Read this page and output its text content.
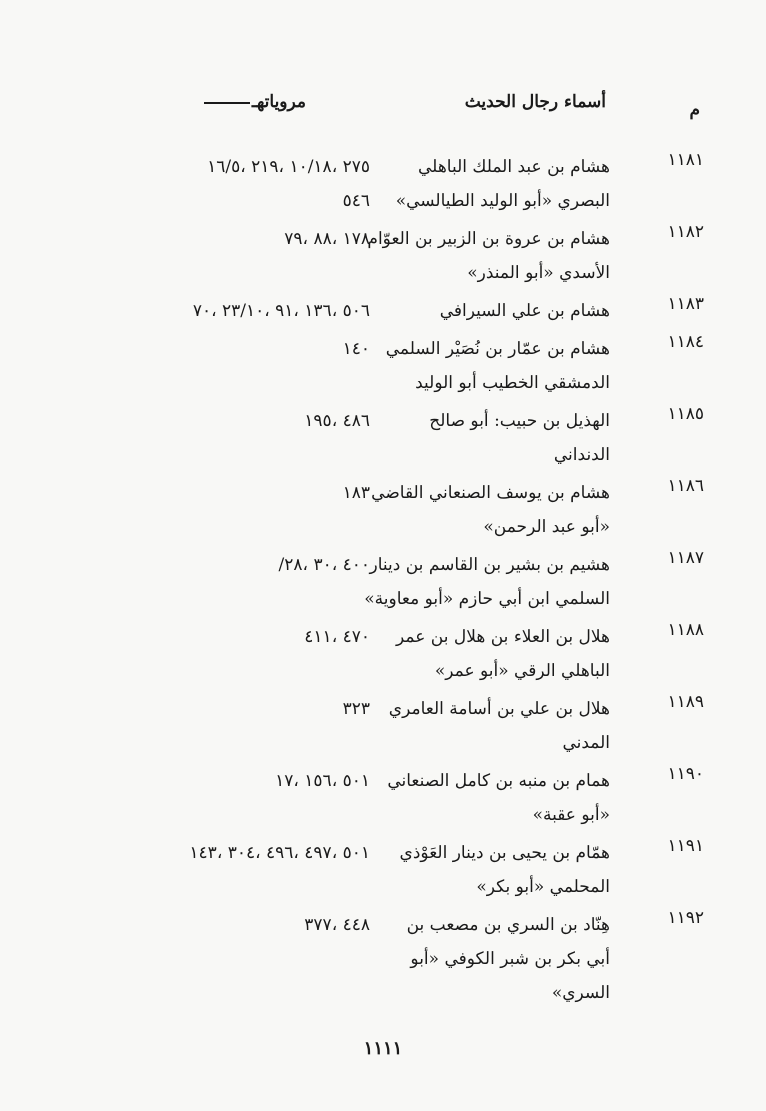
م
أسماء رجال الحديث
مروياتهـ
١١٨١
هشام بن عبد الملك الباهلي
البصري «أبو الوليد الطيالسي»
٢٧٥ ،١٠/١٨ ،٢١٩ ،١٦/٥
٥٤٦
١١٨٢
هشام بن عروة بن الزبير بن العوّام
الأسدي «أبو المنذر»
١٧٨ ،٨٨ ،٧٩
١١٨٣
هشام بن علي السيرافي
٥٠٦ ،١٣٦ ،٩١ ،٢٣/١٠ ،٧٠
١١٨٤
هشام بن عمّار بن نُصَيْر السلمي
الدمشقي الخطيب أبو الوليد
١٤٠
١١٨٥
الهذيل بن حبيب: أبو صالح
الدنداني
٤٨٦ ،١٩٥
١١٨٦
هشام بن يوسف الصنعاني القاضي
«أبو عبد الرحمن»
١٨٣
١١٨٧
هشيم بن بشير بن القاسم بن دينار
السلمي ابن أبي حازم «أبو معاوية»
٤٠٠ ،٣٠ ،٢٨/
١١٨٨
هلال بن العلاء بن هلال بن عمر
الباهلي الرقي «أبو عمر»
٤٧٠ ،٤١١
١١٨٩
هلال بن علي بن أسامة العامري
المدني
٣٢٣
١١٩٠
همام بن منبه بن كامل الصنعاني
«أبو عقبة»
٥٠١ ،١٥٦ ،١٧
١١٩١
همّام بن يحيى بن دينار العَوْذي
المحلمي «أبو بكر»
٥٠١ ،٤٩٧ ،٤٩٦ ،٣٠٤ ،١٤٣
١١٩٢
هِنّاد بن السري بن مصعب بن
أبي بكر بن شبر الكوفي «أبو
السري»
٤٤٨ ،٣٧٧
١١١١
